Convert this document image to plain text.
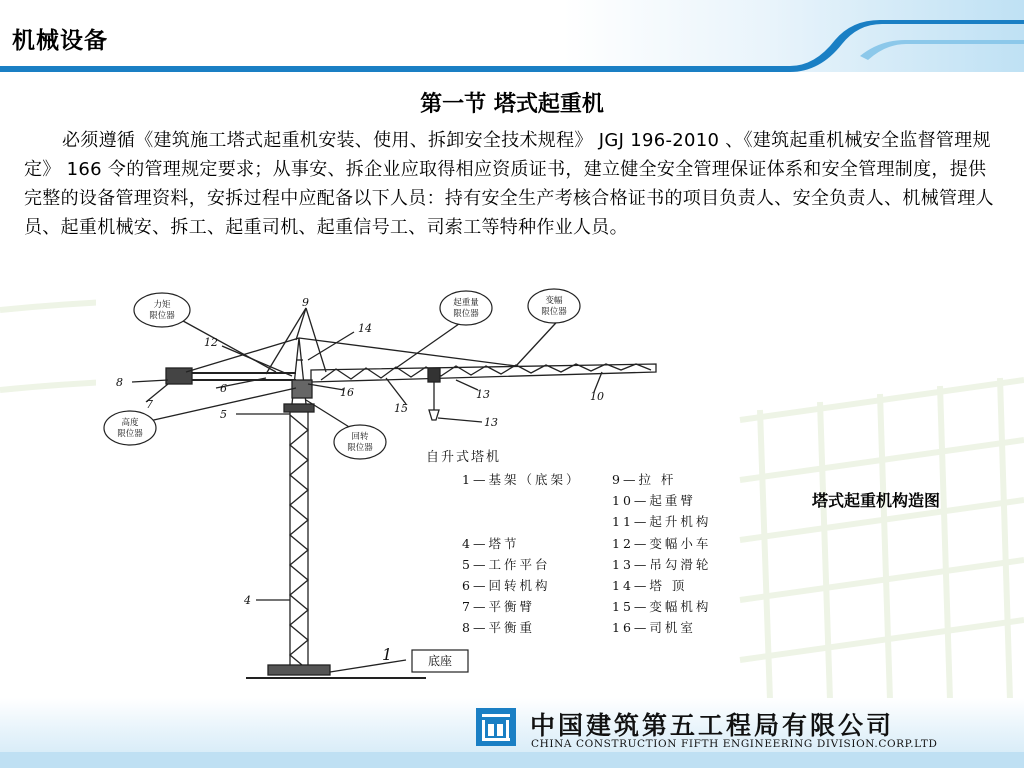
机械设备
第一节 塔式起重机
必须遵循《建筑施工塔式起重机安装、使用、拆卸安全技术规程》 JGJ 196-2010 、《建筑起重机械安全监督管理规定》 166 令的管理规定要求；从事安、拆企业应取得相应资质证书，建立健全安全管理保证体系和安全管理制度，提供完整的设备管理资料，安拆过程中应配备以下人员：持有安全生产考核合格证书的项目负责人、安全负责人、机械管理人员、起重机械安、拆工、起重司机、起重信号工、司索工等特种作业人员。
力矩
限位器
起重量
限位器
变幅
限位器
高度
限位器	回转
限位器
底座
9
14
12
8
7
6
5
16
15
13	10
13
4
1
自升式塔机
1—基架（底架）
4—塔节
5—工作平台
6—回转机构
7—平衡臂
8—平衡重
9—拉 杆
10—起重臂
11—起升机构
12—变幅小车
13—吊勾滑轮
14—塔 顶
15—变幅机构
16—司机室
塔式起重机构造图
中国建筑第五工程局有限公司
CHINA CONSTRUCTION FIFTH ENGINEERING DIVISION.CORP.LTD
